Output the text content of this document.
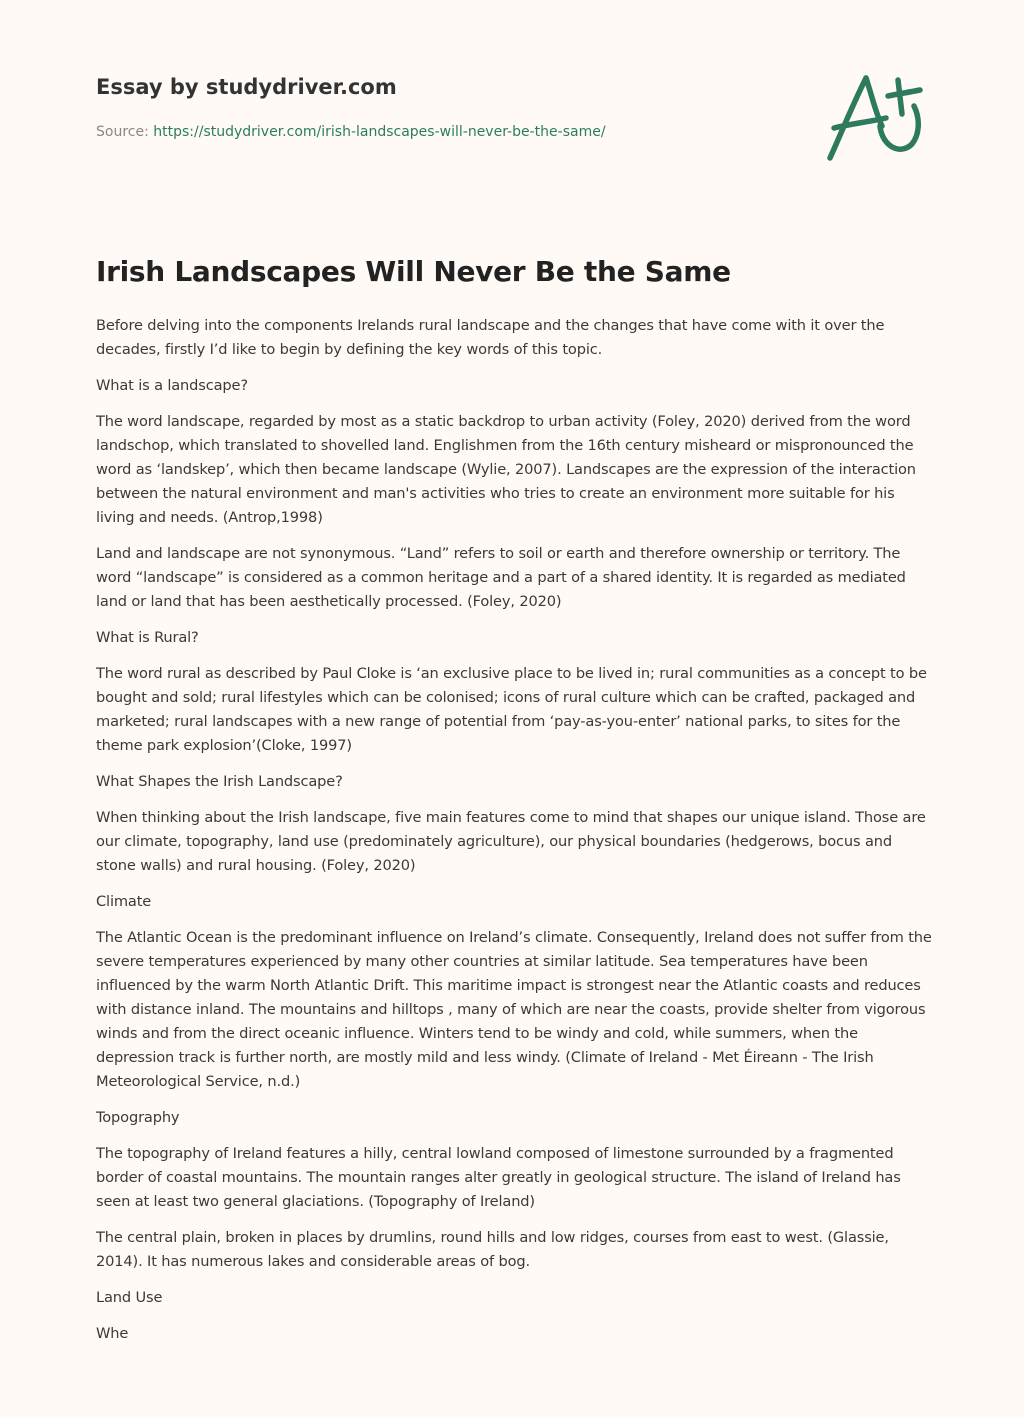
Essay by studydriver.com
Source: https://studydriver.com/irish-landscapes-will-never-be-the-same/
Irish Landscapes Will Never Be the Same

Before delving into the components Irelands rural landscape and the changes that have come with it over the decades, firstly I’d like to begin by defining the key words of this topic.

What is a landscape?

The word landscape, regarded by most as a static backdrop to urban activity (Foley, 2020) derived from the word landschop, which translated to shovelled land. Englishmen from the 16th century misheard or mispronounced the word as ‘landskep’, which then became landscape (Wylie, 2007). Landscapes are the expression of the interaction between the natural environment and man's activities who tries to create an environment more suitable for his living and needs. (Antrop,1998)

Land and landscape are not synonymous. “Land” refers to soil or earth and therefore ownership or territory. The word “landscape” is considered as a common heritage and a part of a shared identity. It is regarded as mediated land or land that has been aesthetically processed. (Foley, 2020)

What is Rural?

The word rural as described by Paul Cloke is ‘an exclusive place to be lived in; rural communities as a concept to be bought and sold; rural lifestyles which can be colonised; icons of rural culture which can be crafted, packaged and marketed; rural landscapes with a new range of potential from ‘pay-as-you-enter’ national parks, to sites for the theme park explosion’(Cloke, 1997)

What Shapes the Irish Landscape?

When thinking about the Irish landscape, five main features come to mind that shapes our unique island. Those are our climate, topography, land use (predominately agriculture), our physical boundaries (hedgerows, bocus and stone walls) and rural housing. (Foley, 2020)

Climate

The Atlantic Ocean is the predominant influence on Ireland’s climate. Consequently, Ireland does not suffer from the severe temperatures experienced by many other countries at similar latitude. Sea temperatures have been influenced by the warm North Atlantic Drift. This maritime impact is strongest near the Atlantic coasts and reduces with distance inland. The mountains and hilltops , many of which are near the coasts, provide shelter from vigorous winds and from the direct oceanic influence. Winters tend to be windy and cold, while summers, when the depression track is further north, are mostly mild and less windy. (Climate of Ireland - Met Éireann - The Irish Meteorological Service, n.d.)

Topography

The topography of Ireland features a hilly, central lowland composed of limestone surrounded by a fragmented border of coastal mountains. The mountain ranges alter greatly in geological structure. The island of Ireland has seen at least two general glaciations. (Topography of Ireland)

The central plain, broken in places by drumlins, round hills and low ridges, courses from east to west. (Glassie, 2014). It has numerous lakes and considerable areas of bog.

Land Use

Whe
